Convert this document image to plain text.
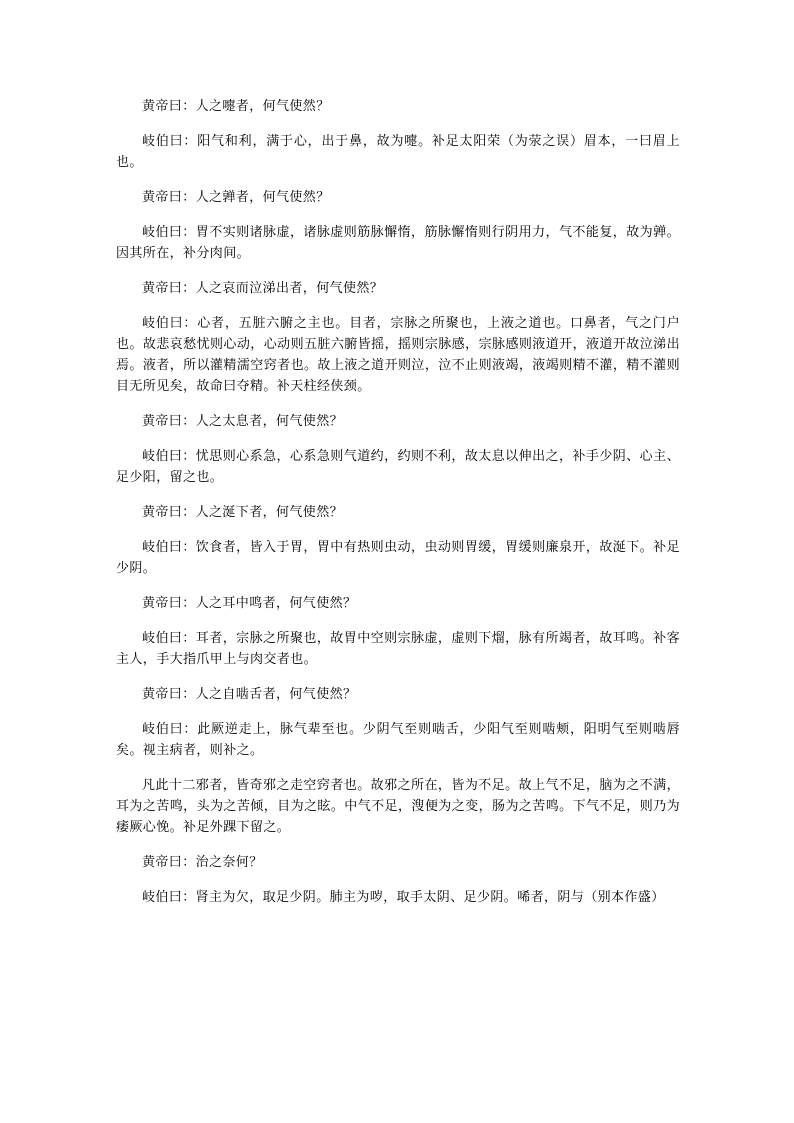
黄帝曰：人之嚏者，何气使然？

岐伯曰：阳气和利，满于心，出于鼻，故为嚏。补足太阳荣（为荥之误）眉本，一曰眉上也。

黄帝曰：人之亸者，何气使然？

岐伯曰：胃不实则诸脉虚，诸脉虚则筋脉懈惰，筋脉懈惰则行阴用力，气不能复，故为亸。因其所在，补分肉间。

黄帝曰：人之哀而泣涕出者，何气使然？

岐伯曰：心者，五脏六腑之主也。目者，宗脉之所聚也，上液之道也。口鼻者，气之门户也。故悲哀愁忧则心动，心动则五脏六腑皆摇，摇则宗脉感，宗脉感则液道开，液道开故泣涕出焉。液者，所以灌精濡空窍者也。故上液之道开则泣，泣不止则液竭，液竭则精不灌，精不灌则目无所见矣，故命曰夺精。补天柱经侠颈。

黄帝曰：人之太息者，何气使然？

岐伯曰：忧思则心系急，心系急则气道约，约则不利，故太息以伸出之，补手少阴、心主、足少阳，留之也。

黄帝曰：人之涎下者，何气使然？

岐伯曰：饮食者，皆入于胃，胃中有热则虫动，虫动则胃缓，胃缓则廉泉开，故涎下。补足少阴。

黄帝曰：人之耳中鸣者，何气使然？

岐伯曰：耳者，宗脉之所聚也，故胃中空则宗脉虚，虚则下熘，脉有所竭者，故耳鸣。补客主人，手大指爪甲上与肉交者也。

黄帝曰：人之自啮舌者，何气使然？

岐伯曰：此厥逆走上，脉气辈至也。少阴气至则啮舌，少阳气至则啮颊，阳明气至则啮唇矣。视主病者，则补之。

凡此十二邪者，皆奇邪之走空窍者也。故邪之所在，皆为不足。故上气不足，脑为之不满，耳为之苦鸣，头为之苦倾，目为之眩。中气不足，溲便为之变，肠为之苦鸣。下气不足，则乃为痿厥心悗。补足外踝下留之。

黄帝曰：治之奈何？

岐伯曰：肾主为欠，取足少阴。肺主为哕，取手太阴、足少阴。唏者，阴与（别本作盛）
